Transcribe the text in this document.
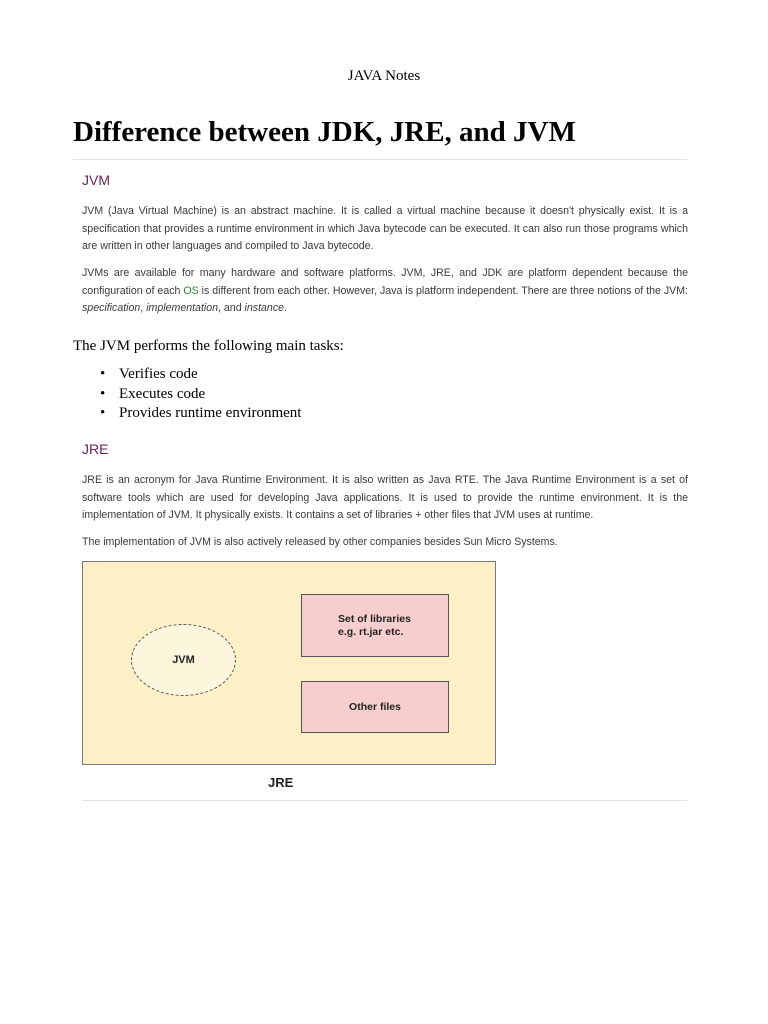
JAVA Notes
Difference between JDK, JRE, and JVM
JVM

JVM (Java Virtual Machine) is an abstract machine. It is called a virtual machine because it doesn't physically exist. It is a specification that provides a runtime environment in which Java bytecode can be executed. It can also run those programs which are written in other languages and compiled to Java bytecode.

JVMs are available for many hardware and software platforms. JVM, JRE, and JDK are platform dependent because the configuration of each OS is different from each other. However, Java is platform independent. There are three notions of the JVM: specification, implementation, and instance.

The JVM performs the following main tasks:
• Verifies code
• Executes code
• Provides runtime environment
JRE

JRE is an acronym for Java Runtime Environment. It is also written as Java RTE. The Java Runtime Environment is a set of software tools which are used for developing Java applications. It is used to provide the runtime environment. It is the implementation of JVM. It physically exists. It contains a set of libraries + other files that JVM uses at runtime.

The implementation of JVM is also actively released by other companies besides Sun Micro Systems.

JVM
Set of libraries
e.g. rt.jar etc.
Other files
JRE
